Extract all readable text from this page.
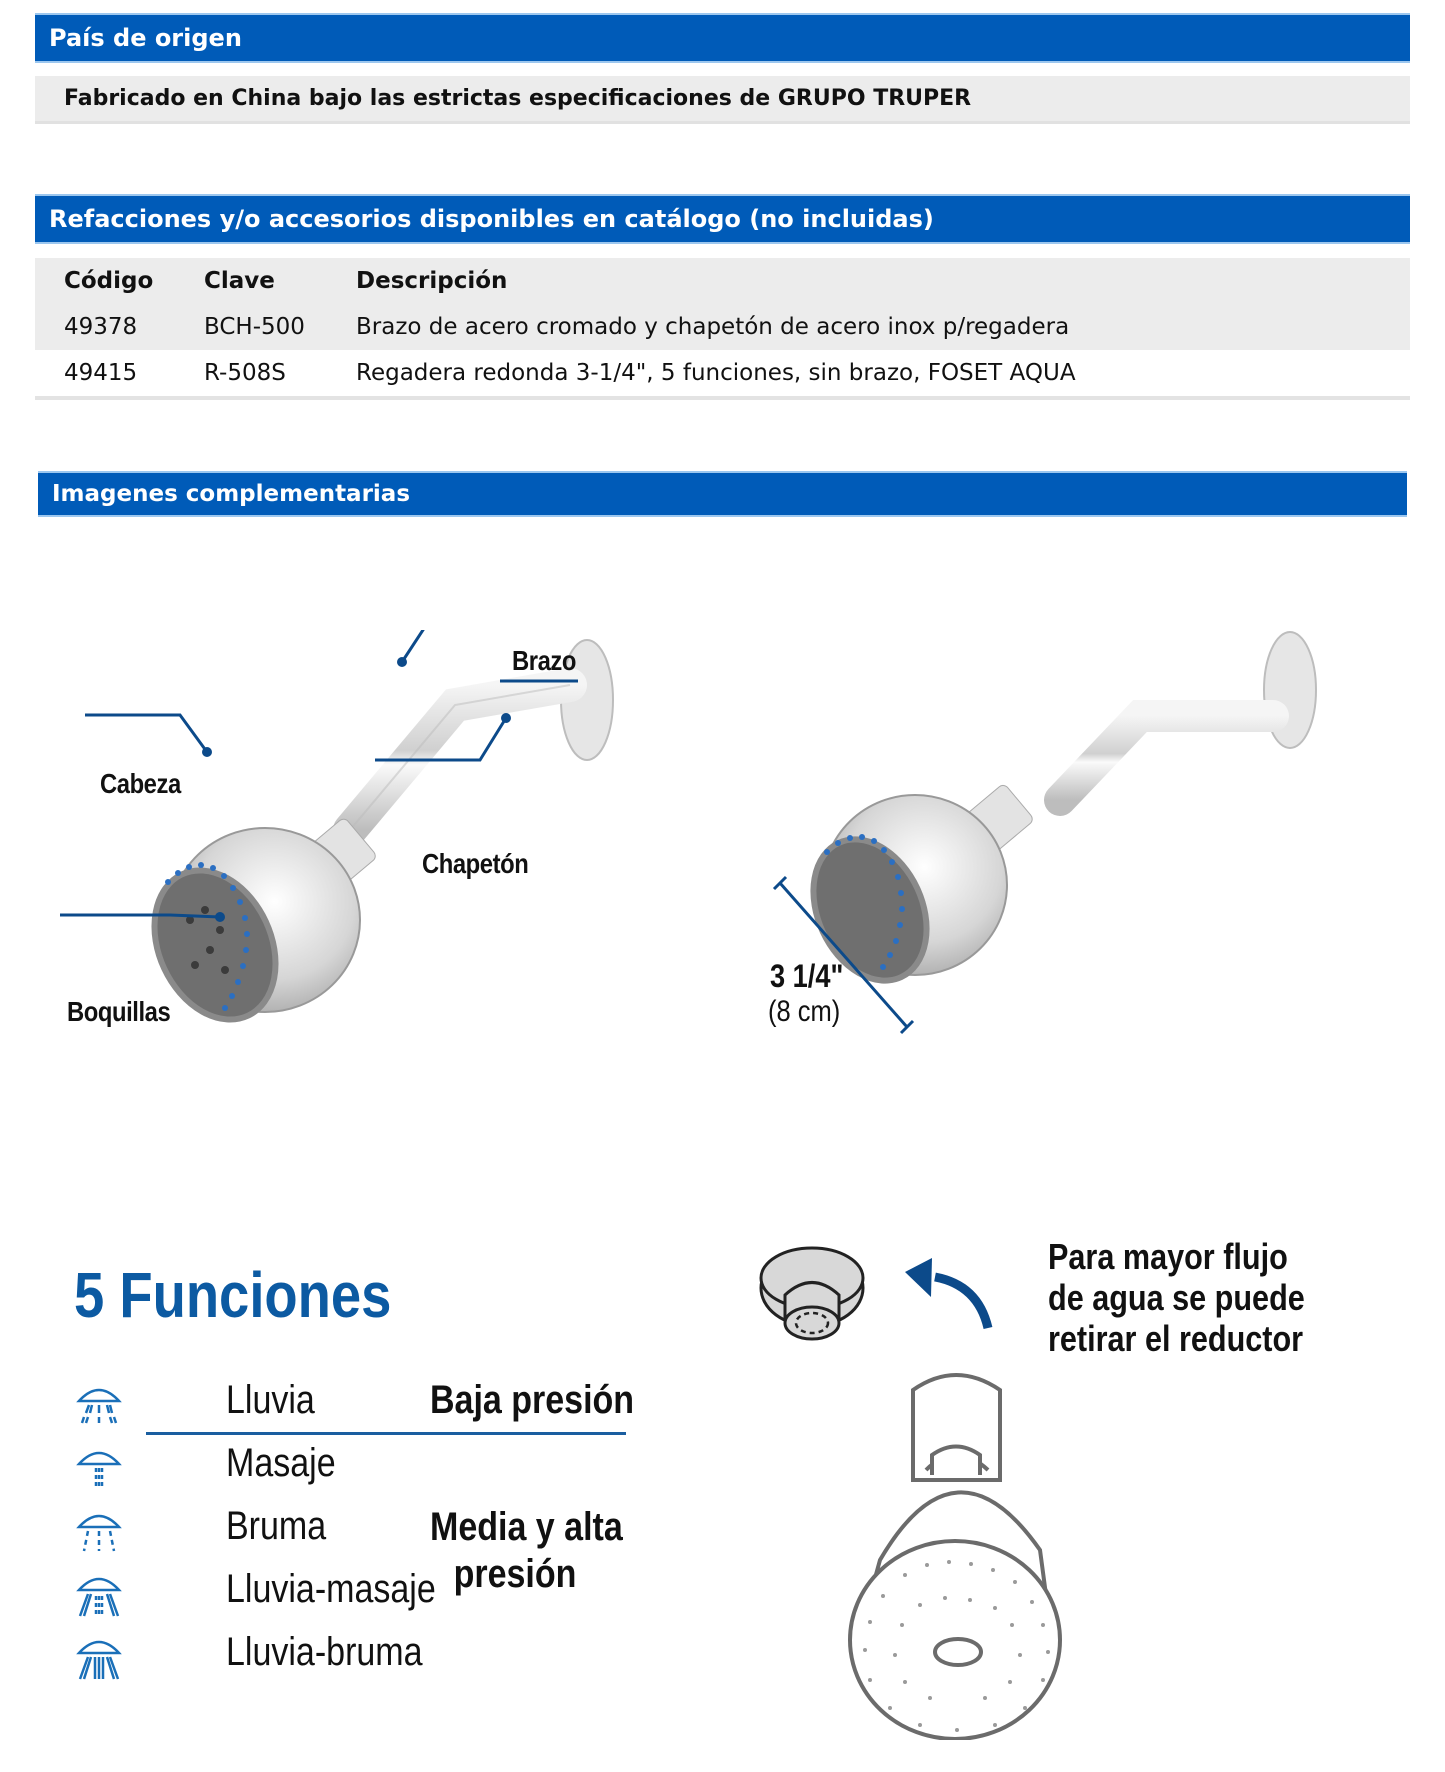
País de origen
Fabricado en China bajo las estrictas especificaciones de GRUPO TRUPER
Refacciones y/o accesorios disponibles en catálogo (no incluidas)
Código	Clave	Descripción
49378	BCH-500	Brazo de acero cromado y chapetón de acero inox p/regadera
49415	R-508S	Regadera redonda 3-1/4", 5 funciones, sin brazo, FOSET AQUA
Imagenes complementarias
Brazo
Cabeza
Chapetón
Boquillas
3 1/4"
(8 cm)
5 Funciones
Lluvia
Masaje
Bruma
Lluvia-masaje
Lluvia-bruma
Baja presión
Media y alta
presión
Para mayor flujo
de agua se puede
retirar el reductor
